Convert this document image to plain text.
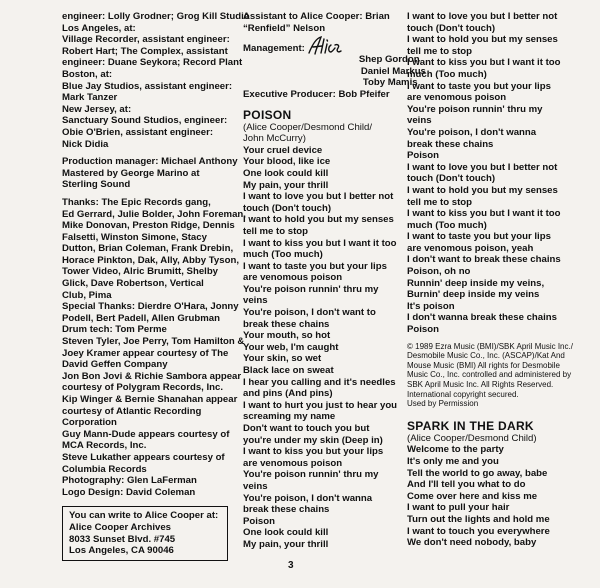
engineer: Lolly Grodner; Grog Kill Studio
Los Angeles, at:
Village Recorder, assistant engineer:
Robert Hart; The Complex, assistant
engineer: Duane Seykora; Record Plant
Boston, at:
Blue Jay Studios, assistant engineer:
Mark Tanzer
New Jersey, at:
Sanctuary Sound Studios, engineer:
Obie O'Brien, assistant engineer:
Nick Didia
Production manager: Michael Anthony
Mastered by George Marino at
Sterling Sound
Thanks: The Epic Records gang,
Ed Gerrard, Julie Bolder, John Foreman,
Mike Donovan, Preston Ridge, Dennis
Falsetti, Winston Simone, Stacy
Dutton, Brian Coleman, Frank Drebin,
Horace Pinkton, Dak, Ally, Abby Tyson,
Tower Video, Alric Brumitt, Shelby
Glick, Dave Robertson, Vertical
Club, Pima
Special Thanks: Dierdre O'Hara, Jonny
Podell, Bert Padell, Allen Grubman
Drum tech: Tom Perme
Steven Tyler, Joe Perry, Tom Hamilton &
Joey Kramer appear courtesy of The
David Geffen Company
Jon Bon Jovi & Richie Sambora appear
courtesy of Polygram Records, Inc.
Kip Winger & Bernie Shanahan appear
courtesy of Atlantic Recording
Corporation
Guy Mann-Dude appears courtesy of
MCA Records, Inc.
Steve Lukather appears courtesy of
Columbia Records
Photography: Glen LaFerman
Logo Design: David Coleman
You can write to Alice Cooper at:
Alice Cooper Archives
8033 Sunset Blvd. #745
Los Angeles, CA 90046
Assistant to Alice Cooper: Brian
“Renfield” Nelson
Management:
Shep Gordon
Daniel Markus
Toby Mamis
Executive Producer: Bob Pfeifer
POISON
(Alice Cooper/Desmond Child/
John McCurry)
Your cruel device
Your blood, like ice
One look could kill
My pain, your thrill
I want to love you but I better not
touch (Don't touch)
I want to hold you but my senses
tell me to stop
I want to kiss you but I want it too
much (Too much)
I want to taste you but your lips
are venomous poison
You're poison runnin' thru my
veins
You're poison, I don't want to
break these chains
Your mouth, so hot
Your web, I'm caught
Your skin, so wet
Black lace on sweat
I hear you calling and it's needles
and pins (And pins)
I want to hurt you just to hear you
screaming my name
Don't want to touch you but
you're under my skin (Deep in)
I want to kiss you but your lips
are venomous poison
You're poison runnin' thru my
veins
You're poison, I don't wanna
break these chains
Poison
One look could kill
My pain, your thrill
I want to love you but I better not
touch (Don't touch)
I want to hold you but my senses
tell me to stop
I want to kiss you but I want it too
much (Too much)
I want to taste you but your lips
are venomous poison
You're poison runnin' thru my
veins
You're poison, I don't wanna
break these chains
Poison
I want to love you but I better not
touch (Don't touch)
I want to hold you but my senses
tell me to stop
I want to kiss you but I want it too
much (Too much)
I want to taste you but your lips
are venomous poison, yeah
I don't want to break these chains
Poison, oh no
Runnin' deep inside my veins,
Burnin' deep inside my veins
It's poison
I don't wanna break these chains
Poison
© 1989 Ezra Music (BMI)/SBK April Music Inc./
Desmobile Music Co., Inc. (ASCAP)/Kat And
Mouse Music (BMI) All rights for Desmobile
Music Co., Inc. controlled and administered by
SBK April Music Inc. All Rights Reserved.
International copyright secured.
Used by Permission
SPARK IN THE DARK
(Alice Cooper/Desmond Child)
Welcome to the party
It's only me and you
Tell the world to go away, babe
And I'll tell you what to do
Come over here and kiss me
I want to pull your hair
Turn out the lights and hold me
I want to touch you everywhere
We don't need nobody, baby
3
